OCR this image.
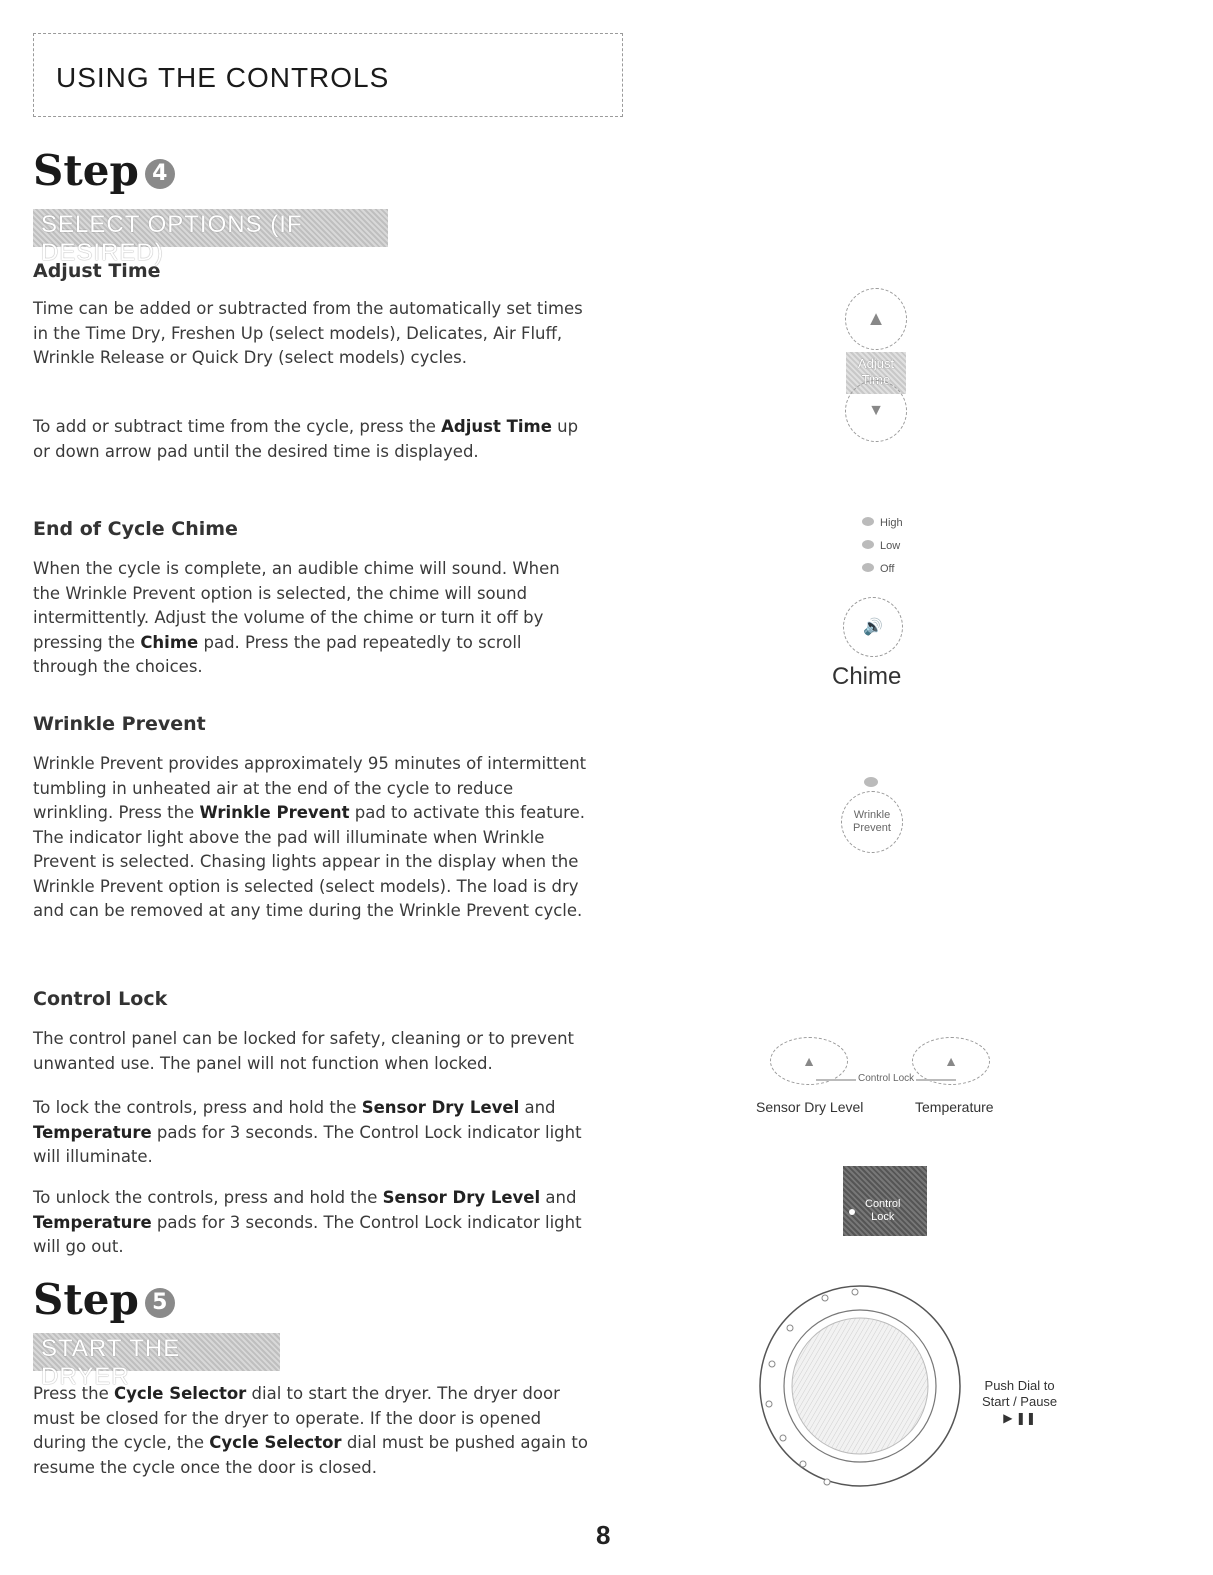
USING THE CONTROLS
Step 4
SELECT OPTIONS (IF DESIRED)
Adjust Time
Time can be added or subtracted from the automatically set times in the Time Dry, Freshen Up (select models), Delicates, Air Fluff, Wrinkle Release or Quick Dry (select models) cycles.
To add or subtract time from the cycle, press the Adjust Time up or down arrow pad until the desired time is displayed.
End of Cycle Chime
When the cycle is complete, an audible chime will sound. When the Wrinkle Prevent option is selected, the chime will sound intermittently. Adjust the volume of the chime or turn it off by pressing the Chime pad. Press the pad repeatedly to scroll through the choices.
Wrinkle Prevent
Wrinkle Prevent provides approximately 95 minutes of intermittent tumbling in unheated air at the end of the cycle to reduce wrinkling. Press the Wrinkle Prevent pad to activate this feature. The indicator light above the pad will illuminate when Wrinkle Prevent is selected. Chasing lights appear in the display when the Wrinkle Prevent option is selected (select models). The load is dry and can be removed at any time during the Wrinkle Prevent cycle.
Control Lock
The control panel can be locked for safety, cleaning or to prevent unwanted use. The panel will not function when locked.
To lock the controls, press and hold the Sensor Dry Level and Temperature pads for 3 seconds. The Control Lock indicator light will illuminate.
To unlock the controls, press and hold the Sensor Dry Level and Temperature pads for 3 seconds. The Control Lock indicator light will go out.
Step 5
START THE DRYER
Press the Cycle Selector dial to start the dryer. The dryer door must be closed for the dryer to operate. If the door is opened during the cycle, the Cycle Selector dial must be pushed again to resume the cycle once the door is closed.
▲
Adjust
Time
▼
High
Low
Off
🔊
Chime
Wrinkle
Prevent
▲	▲
Control Lock
Sensor Dry Level	Temperature
Control
Lock
Push Dial to
Start / Pause
▶ ❚❚
8
